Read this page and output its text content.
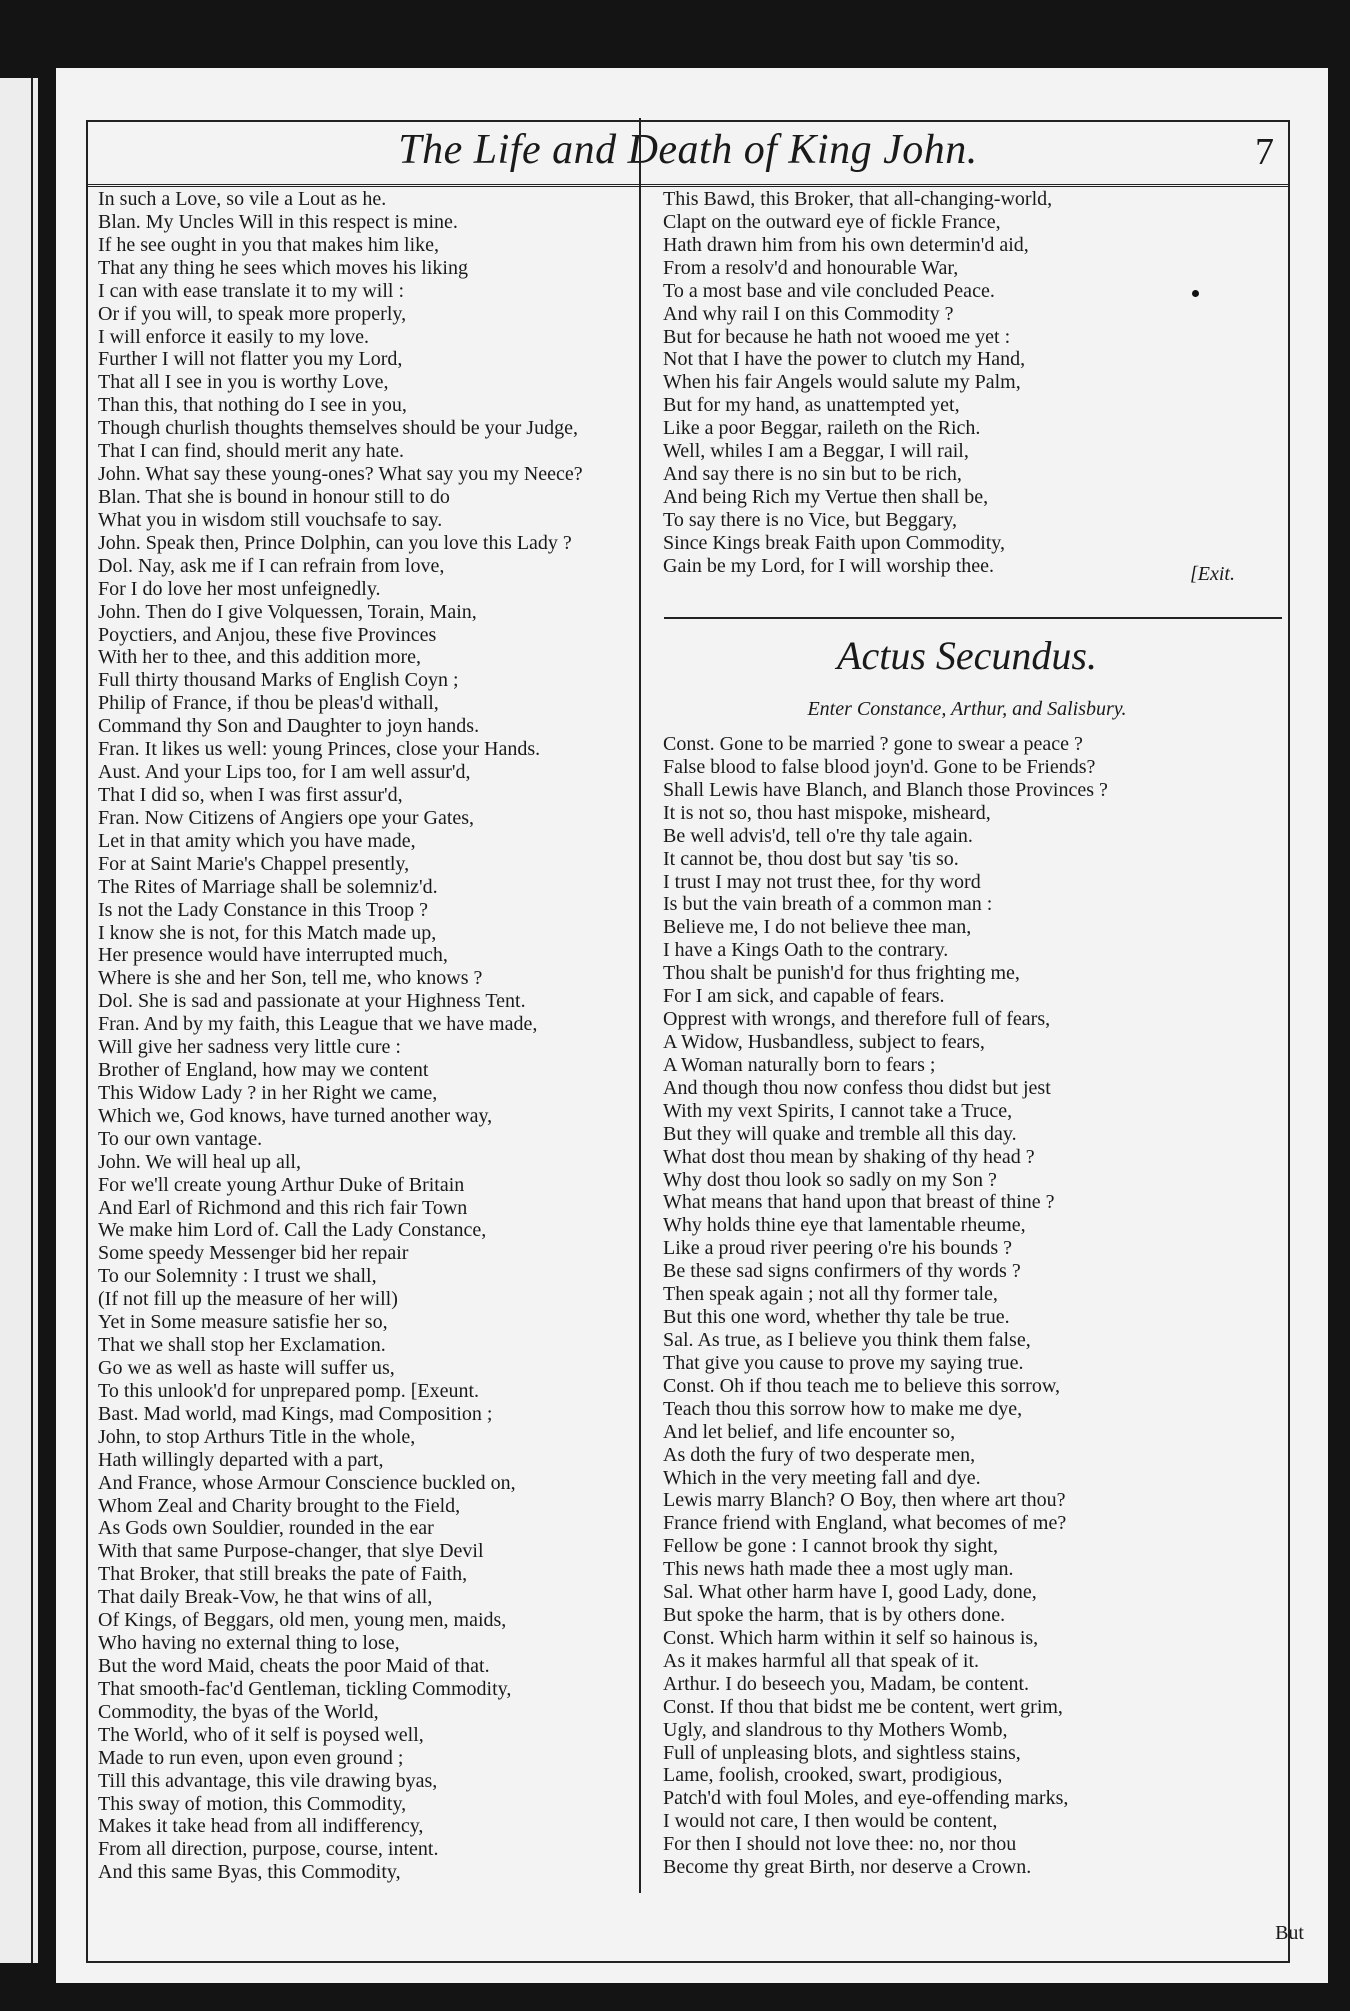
The Life and Death of King John.	7
In such a Love, so vile a Lout as he.
Blan. My Uncles Will in this respect is mine.
If he see ought in you that makes him like,
That any thing he sees which moves his liking
I can with ease translate it to my will :
Or if you will, to speak more properly,
I will enforce it easily to my love.
Further I will not flatter you my Lord,
That all I see in you is worthy Love,
Than this, that nothing do I see in you,
Though churlish thoughts themselves should be your Judge,
That I can find, should merit any hate.
John. What say these young-ones? What say you my Neece?
Blan. That she is bound in honour still to do
What you in wisdom still vouchsafe to say.
John. Speak then, Prince Dolphin, can you love this Lady ?
Dol. Nay, ask me if I can refrain from love,
For I do love her most unfeignedly.
John. Then do I give Volquessen, Torain, Main,
Poyctiers, and Anjou, these five Provinces
With her to thee, and this addition more,
Full thirty thousand Marks of English Coyn ;
Philip of France, if thou be pleas'd withall,
Command thy Son and Daughter to joyn hands.
Fran. It likes us well: young Princes, close your Hands.
Aust. And your Lips too, for I am well assur'd,
That I did so, when I was first assur'd,
Fran. Now Citizens of Angiers ope your Gates,
Let in that amity which you have made,
For at Saint Marie's Chappel presently,
The Rites of Marriage shall be solemniz'd.
Is not the Lady Constance in this Troop ?
I know she is not, for this Match made up,
Her presence would have interrupted much,
Where is she and her Son, tell me, who knows ?
Dol. She is sad and passionate at your Highness Tent.
Fran. And by my faith, this League that we have made,
Will give her sadness very little cure :
Brother of England, how may we content
This Widow Lady ? in her Right we came,
Which we, God knows, have turned another way,
To our own vantage.
John. We will heal up all,
For we'll create young Arthur Duke of Britain
And Earl of Richmond and this rich fair Town
We make him Lord of. Call the Lady Constance,
Some speedy Messenger bid her repair
To our Solemnity : I trust we shall,
(If not fill up the measure of her will)
Yet in Some measure satisfie her so,
That we shall stop her Exclamation.
Go we as well as haste will suffer us,
To this unlook'd for unprepared pomp. [Exeunt.
Bast. Mad world, mad Kings, mad Composition ;
John, to stop Arthurs Title in the whole,
Hath willingly departed with a part,
And France, whose Armour Conscience buckled on,
Whom Zeal and Charity brought to the Field,
As Gods own Souldier, rounded in the ear
With that same Purpose-changer, that slye Devil
That Broker, that still breaks the pate of Faith,
That daily Break-Vow, he that wins of all,
Of Kings, of Beggars, old men, young men, maids,
Who having no external thing to lose,
But the word Maid, cheats the poor Maid of that.
That smooth-fac'd Gentleman, tickling Commodity,
Commodity, the byas of the World,
The World, who of it self is poysed well,
Made to run even, upon even ground ;
Till this advantage, this vile drawing byas,
This sway of motion, this Commodity,
Makes it take head from all indifferency,
From all direction, purpose, course, intent.
And this same Byas, this Commodity,
This Bawd, this Broker, that all-changing-world,
Clapt on the outward eye of fickle France,
Hath drawn him from his own determin'd aid,
From a resolv'd and honourable War,
To a most base and vile concluded Peace.
And why rail I on this Commodity ?
But for because he hath not wooed me yet :
Not that I have the power to clutch my Hand,
When his fair Angels would salute my Palm,
But for my hand, as unattempted yet,
Like a poor Beggar, raileth on the Rich.
Well, whiles I am a Beggar, I will rail,
And say there is no sin but to be rich,
And being Rich my Vertue then shall be,
To say there is no Vice, but Beggary,
Since Kings break Faith upon Commodity,
Gain be my Lord, for I will worship thee.	[Exit.
Actus Secundus.
Enter Constance, Arthur, and Salisbury.
Const. Gone to be married ? gone to swear a peace ?
False blood to false blood joyn'd. Gone to be Friends?
Shall Lewis have Blanch, and Blanch those Provinces ?
It is not so, thou hast mispoke, misheard,
Be well advis'd, tell o're thy tale again.
It cannot be, thou dost but say 'tis so.
I trust I may not trust thee, for thy word
Is but the vain breath of a common man :
Believe me, I do not believe thee man,
I have a Kings Oath to the contrary.
Thou shalt be punish'd for thus frighting me,
For I am sick, and capable of fears.
Opprest with wrongs, and therefore full of fears,
A Widow, Husbandless, subject to fears,
A Woman naturally born to fears ;
And though thou now confess thou didst but jest
With my vext Spirits, I cannot take a Truce,
But they will quake and tremble all this day.
What dost thou mean by shaking of thy head ?
Why dost thou look so sadly on my Son ?
What means that hand upon that breast of thine ?
Why holds thine eye that lamentable rheume,
Like a proud river peering o're his bounds ?
Be these sad signs confirmers of thy words ?
Then speak again ; not all thy former tale,
But this one word, whether thy tale be true.
Sal. As true, as I believe you think them false,
That give you cause to prove my saying true.
Const. Oh if thou teach me to believe this sorrow,
Teach thou this sorrow how to make me dye,
And let belief, and life encounter so,
As doth the fury of two desperate men,
Which in the very meeting fall and dye.
Lewis marry Blanch? O Boy, then where art thou?
France friend with England, what becomes of me?
Fellow be gone : I cannot brook thy sight,
This news hath made thee a most ugly man.
Sal. What other harm have I, good Lady, done,
But spoke the harm, that is by others done.
Const. Which harm within it self so hainous is,
As it makes harmful all that speak of it.
Arthur. I do beseech you, Madam, be content.
Const. If thou that bidst me be content, wert grim,
Ugly, and slandrous to thy Mothers Womb,
Full of unpleasing blots, and sightless stains,
Lame, foolish, crooked, swart, prodigious,
Patch'd with foul Moles, and eye-offending marks,
I would not care, I then would be content,
For then I should not love thee: no, nor thou
Become thy great Birth, nor deserve a Crown.
But
